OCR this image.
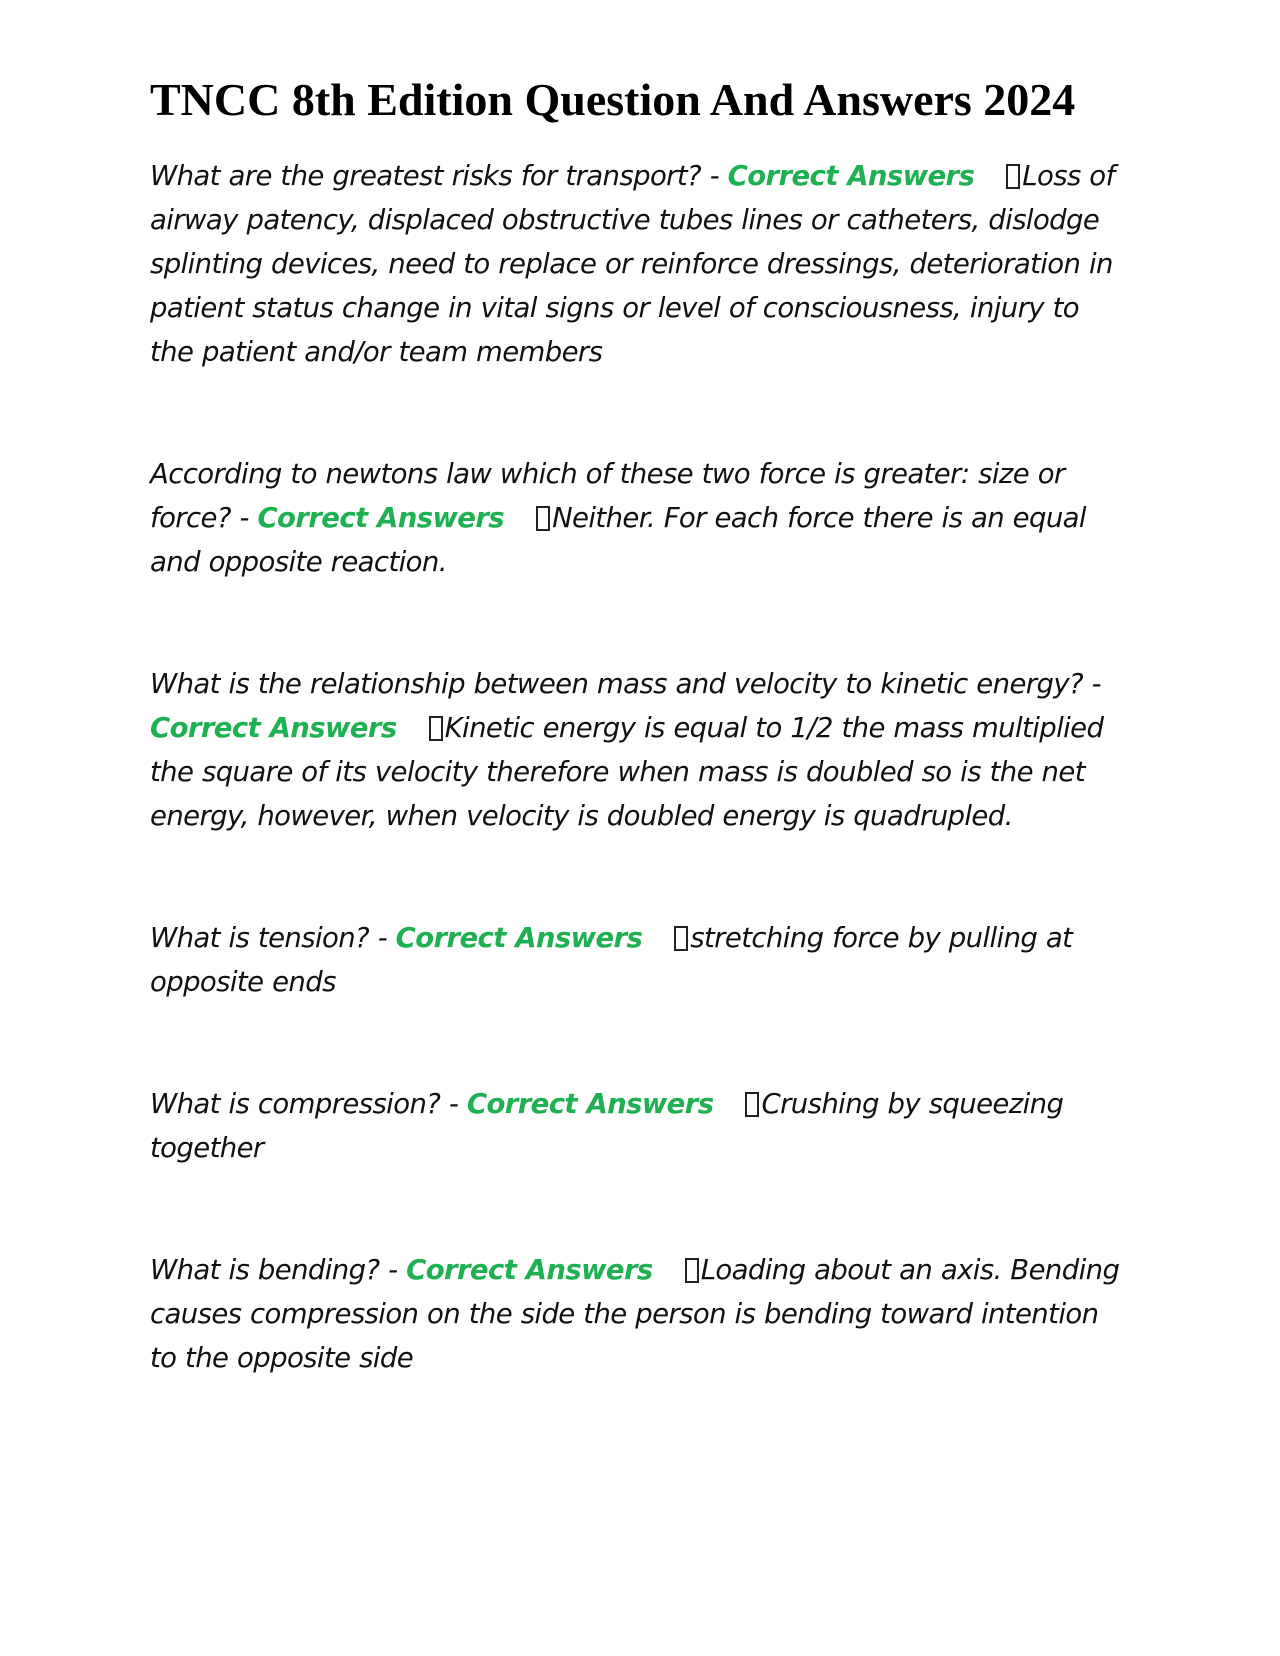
TNCC 8th Edition Question And Answers 2024

What are the greatest risks for transport? - Correct Answers Loss of airway patency, displaced obstructive tubes lines or catheters, dislodge splinting devices, need to replace or reinforce dressings, deterioration in patient status change in vital signs or level of consciousness, injury to the patient and/or team members

According to newtons law which of these two force is greater: size or force? - Correct Answers Neither. For each force there is an equal and opposite reaction.

What is the relationship between mass and velocity to kinetic energy? - Correct Answers Kinetic energy is equal to 1/2 the mass multiplied the square of its velocity therefore when mass is doubled so is the net energy, however, when velocity is doubled energy is quadrupled.

What is tension? - Correct Answers stretching force by pulling at opposite ends

What is compression? - Correct Answers Crushing by squeezing together

What is bending? - Correct Answers Loading about an axis. Bending causes compression on the side the person is bending toward intention to the opposite side
